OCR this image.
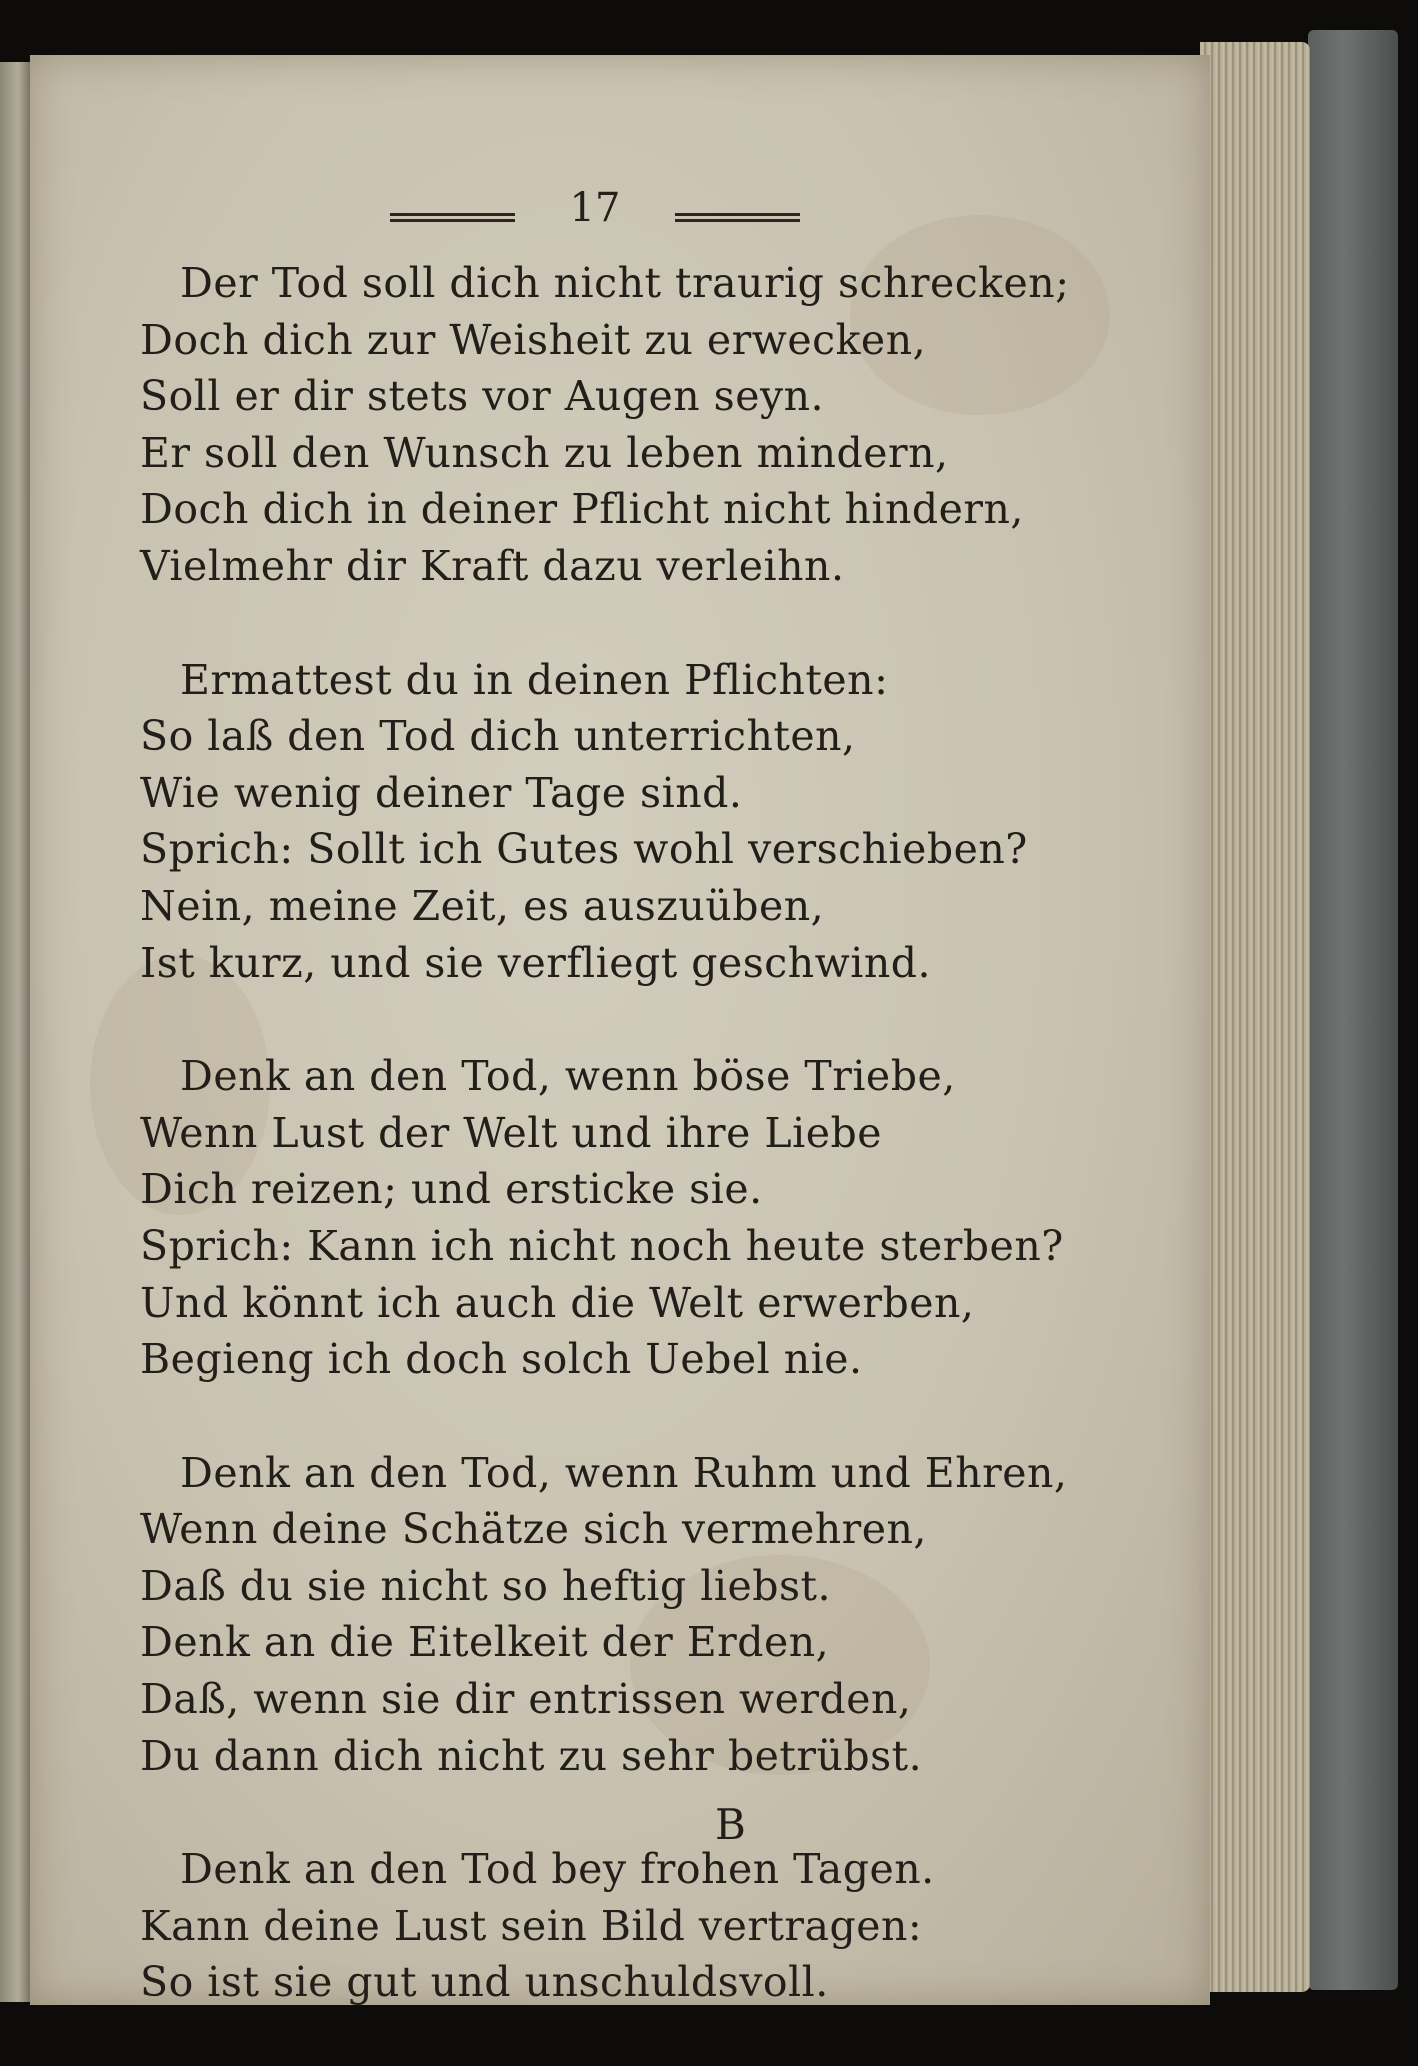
17
Der Tod soll dich nicht traurig schrecken;
Doch dich zur Weisheit zu erwecken,
Soll er dir stets vor Augen seyn.
Er soll den Wunsch zu leben mindern,
Doch dich in deiner Pflicht nicht hindern,
Vielmehr dir Kraft dazu verleihn.
Ermattest du in deinen Pflichten:
So laß den Tod dich unterrichten,
Wie wenig deiner Tage sind.
Sprich: Sollt ich Gutes wohl verschieben?
Nein, meine Zeit, es auszuüben,
Ist kurz, und sie verfliegt geschwind.
Denk an den Tod, wenn böse Triebe,
Wenn Lust der Welt und ihre Liebe
Dich reizen; und ersticke sie.
Sprich: Kann ich nicht noch heute sterben?
Und könnt ich auch die Welt erwerben,
Begieng ich doch solch Uebel nie.
Denk an den Tod, wenn Ruhm und Ehren,
Wenn deine Schätze sich vermehren,
Daß du sie nicht so heftig liebst.
Denk an die Eitelkeit der Erden,
Daß, wenn sie dir entrissen werden,
Du dann dich nicht zu sehr betrübst.
Denk an den Tod bey frohen Tagen.
Kann deine Lust sein Bild vertragen:
So ist sie gut und unschuldsvoll.
B
